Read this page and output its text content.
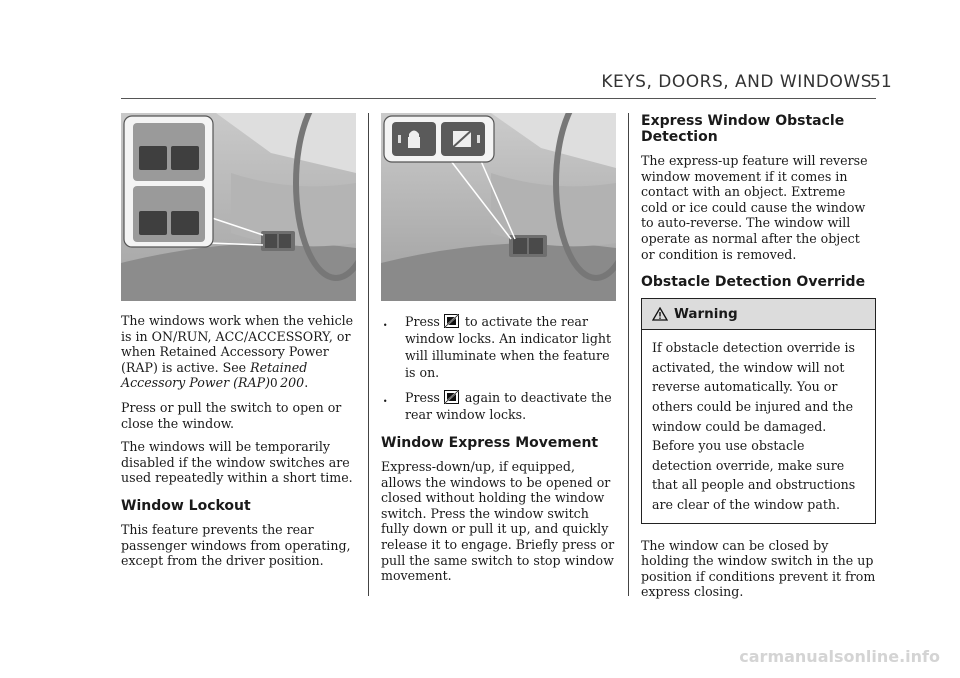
KEYS, DOORS, AND WINDOWS
51

The windows work when the vehicle is in ON/RUN, ACC/ACCESSORY, or when Retained Accessory Power (RAP) is active. See Retained Accessory Power (RAP)0  200.

Press or pull the switch to open or close the window.

The windows will be temporarily disabled if the window switches are used repeatedly within a short time.

Window Lockout

This feature prevents the rear passenger windows from operating, except from the driver position.

. Press  to activate the rear window locks. An indicator light will illuminate when the feature is on.
. Press  again to deactivate the rear window locks.
Window Express Movement

Express-down/up, if equipped, allows the windows to be opened or closed without holding the window switch. Press the window switch fully down or pull it up, and quickly release it to engage. Briefly press or pull the same switch to stop window movement.

Express Window Obstacle Detection

The express-up feature will reverse window movement if it comes in contact with an object. Extreme cold or ice could cause the window to auto-reverse. The window will operate as normal after the object or condition is removed.

Obstacle Detection Override
Warning
If obstacle detection override is activated, the window will not reverse automatically. You or others could be injured and the window could be damaged. Before you use obstacle detection override, make sure that all people and obstructions are clear of the window path.

The window can be closed by holding the window switch in the up position if conditions prevent it from express closing.

carmanualsonline.info
